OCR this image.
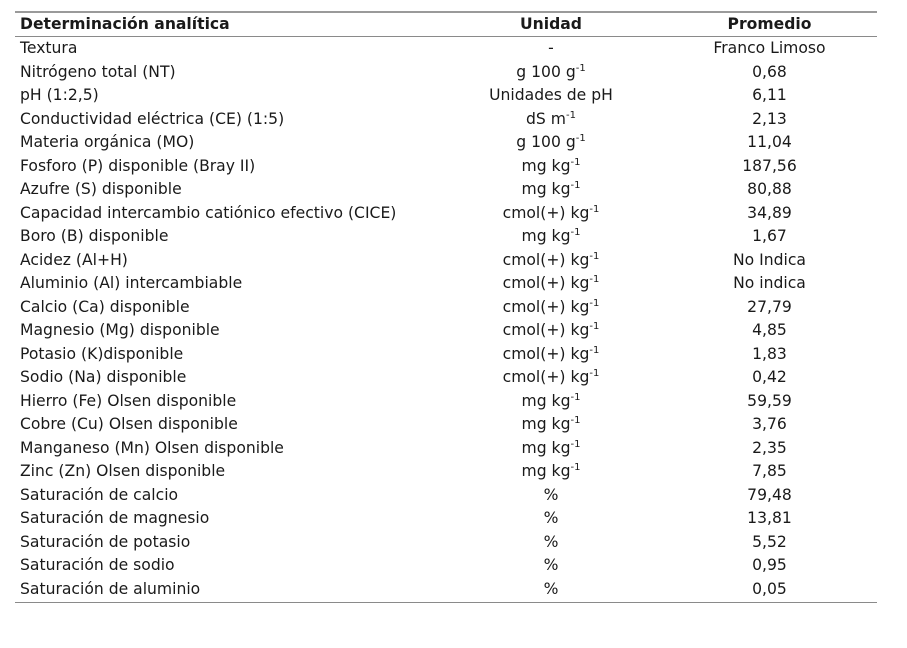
Determinación analítica	Unidad	Promedio
Textura	-	Franco Limoso
Nitrógeno total (NT)	g 100 $g^{-1}$	0,68
pH (1:2,5)	Unidades de pH	6,11
Conductividad eléctrica (CE) (1:5)	dS $m^{-1}$	2,13
Materia orgánica (MO)	g 100 $g^{-1}$	11,04
Fosforo (P) disponible (Bray II)	mg $kg^{-1}$	187,56
Azufre (S) disponible	mg $kg^{-1}$	80,88
Capacidad intercambio catiónico efectivo (CICE)	cmol(+) $kg^{-1}$	34,89
Boro (B) disponible	mg $kg^{-1}$	1,67
Acidez (Al+H)	cmol(+) $kg^{-1}$	No Indica
Aluminio (Al) intercambiable	cmol(+) $kg^{-1}$	No indica
Calcio (Ca) disponible	cmol(+) $kg^{-1}$	27,79
Magnesio (Mg) disponible	cmol(+) $kg^{-1}$	4,85
Potasio (K)disponible	cmol(+) $kg^{-1}$	1,83
Sodio (Na) disponible	cmol(+) $kg^{-1}$	0,42
Hierro (Fe) Olsen disponible	mg $kg^{-1}$	59,59
Cobre (Cu) Olsen disponible	mg $kg^{-1}$	3,76
Manganeso (Mn) Olsen disponible	mg $kg^{-1}$	2,35
Zinc (Zn) Olsen disponible	mg $kg^{-1}$	7,85
Saturación de calcio	%	79,48
Saturación de magnesio	%	13,81
Saturación de potasio	%	5,52
Saturación de sodio	%	0,95
Saturación de aluminio	%	0,05
